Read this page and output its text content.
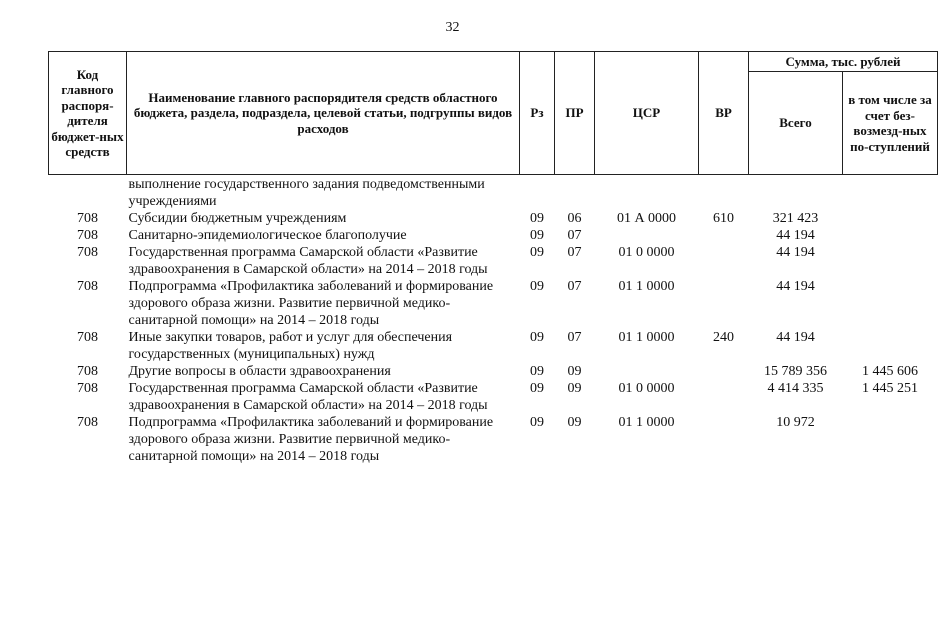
32
Код главного распоря-дителя бюджет-ных средств	Наименование главного распорядителя средств областного бюджета, раздела, подраздела, целевой статьи, подгруппы видов расходов	Рз	ПР	ЦСР	ВР	Сумма, тыс. рублей	
						Всего	в том числе за счет без-возмезд-ных по-ступлений
	выполнение государственного задания подведомственными учреждениями						
708	Субсидии бюджетным учреждениям	09	06	01 А 0000	610	321 423	
708	Санитарно-эпидемиологическое благополучие	09	07			44 194	
708	Государственная программа Самарской области «Развитие здравоохранения в Самарской области» на 2014 – 2018 годы	09	07	01 0 0000		44 194	
708	Подпрограмма «Профилактика заболеваний и формирование здорового образа жизни. Развитие первичной медико-санитарной помощи» на 2014 – 2018 годы	09	07	01 1 0000		44 194	
708	Иные закупки товаров, работ и услуг для обеспечения государственных (муниципальных) нужд	09	07	01 1 0000	240	44 194	
708	Другие вопросы в области здравоохранения	09	09			15 789 356	1 445 606
708	Государственная программа Самарской области «Развитие здравоохранения в Самарской области» на 2014 – 2018 годы	09	09	01 0 0000		4 414 335	1 445 251
708	Подпрограмма «Профилактика заболеваний и формирование здорового образа жизни. Развитие первичной медико-санитарной помощи» на 2014 – 2018 годы	09	09	01 1 0000		10 972	
